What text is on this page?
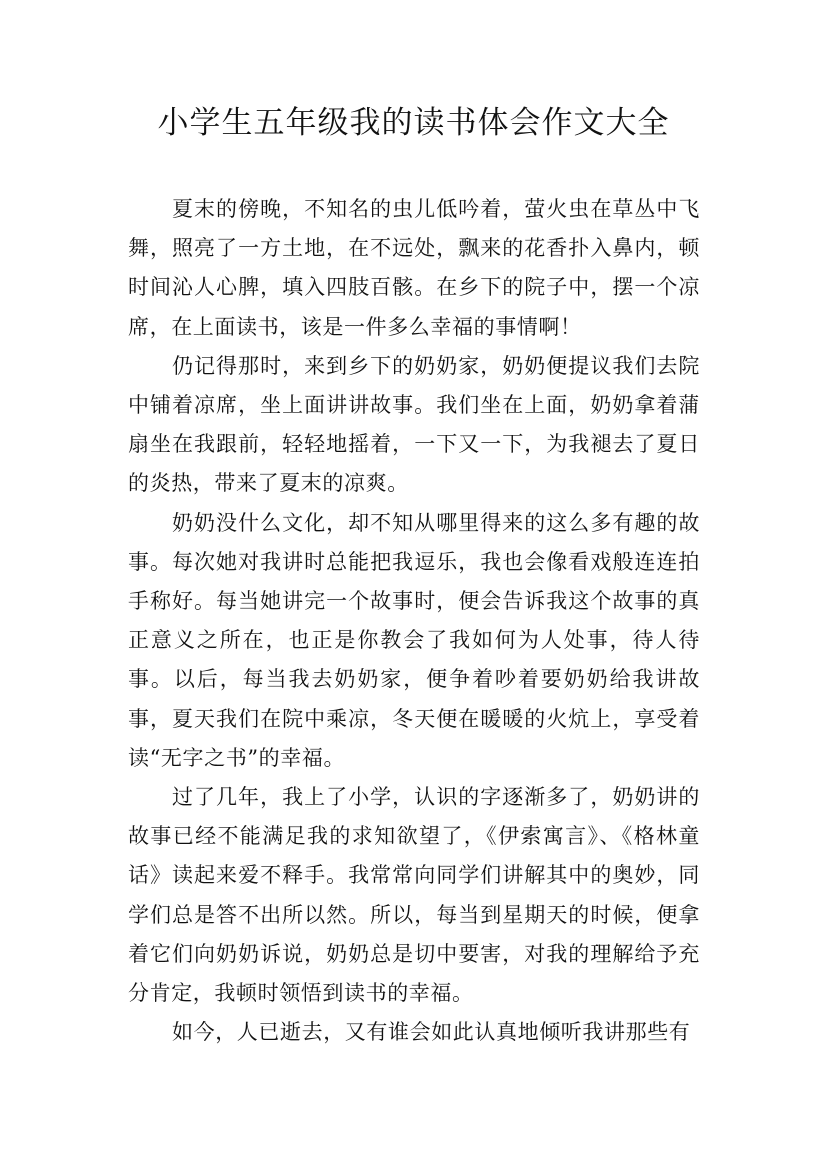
小学生五年级我的读书体会作文大全

夏末的傍晚，不知名的虫儿低吟着，萤火虫在草丛中飞舞，照亮了一方土地，在不远处，飘来的花香扑入鼻内，顿时间沁人心脾，填入四肢百骸。在乡下的院子中，摆一个凉席，在上面读书，该是一件多么幸福的事情啊！

仍记得那时，来到乡下的奶奶家，奶奶便提议我们去院中铺着凉席，坐上面讲讲故事。我们坐在上面，奶奶拿着蒲扇坐在我跟前，轻轻地摇着，一下又一下，为我褪去了夏日的炎热，带来了夏末的凉爽。

奶奶没什么文化，却不知从哪里得来的这么多有趣的故事。每次她对我讲时总能把我逗乐，我也会像看戏般连连拍手称好。每当她讲完一个故事时，便会告诉我这个故事的真正意义之所在，也正是你教会了我如何为人处事，待人待事。以后，每当我去奶奶家，便争着吵着要奶奶给我讲故事，夏天我们在院中乘凉，冬天便在暖暖的火炕上，享受着读“无字之书”的幸福。

过了几年，我上了小学，认识的字逐渐多了，奶奶讲的故事已经不能满足我的求知欲望了，《伊索寓言》、《格林童话》读起来爱不释手。我常常向同学们讲解其中的奥妙，同学们总是答不出所以然。所以，每当到星期天的时候，便拿着它们向奶奶诉说，奶奶总是切中要害，对我的理解给予充分肯定，我顿时领悟到读书的幸福。

如今，人已逝去，又有谁会如此认真地倾听我讲那些有
